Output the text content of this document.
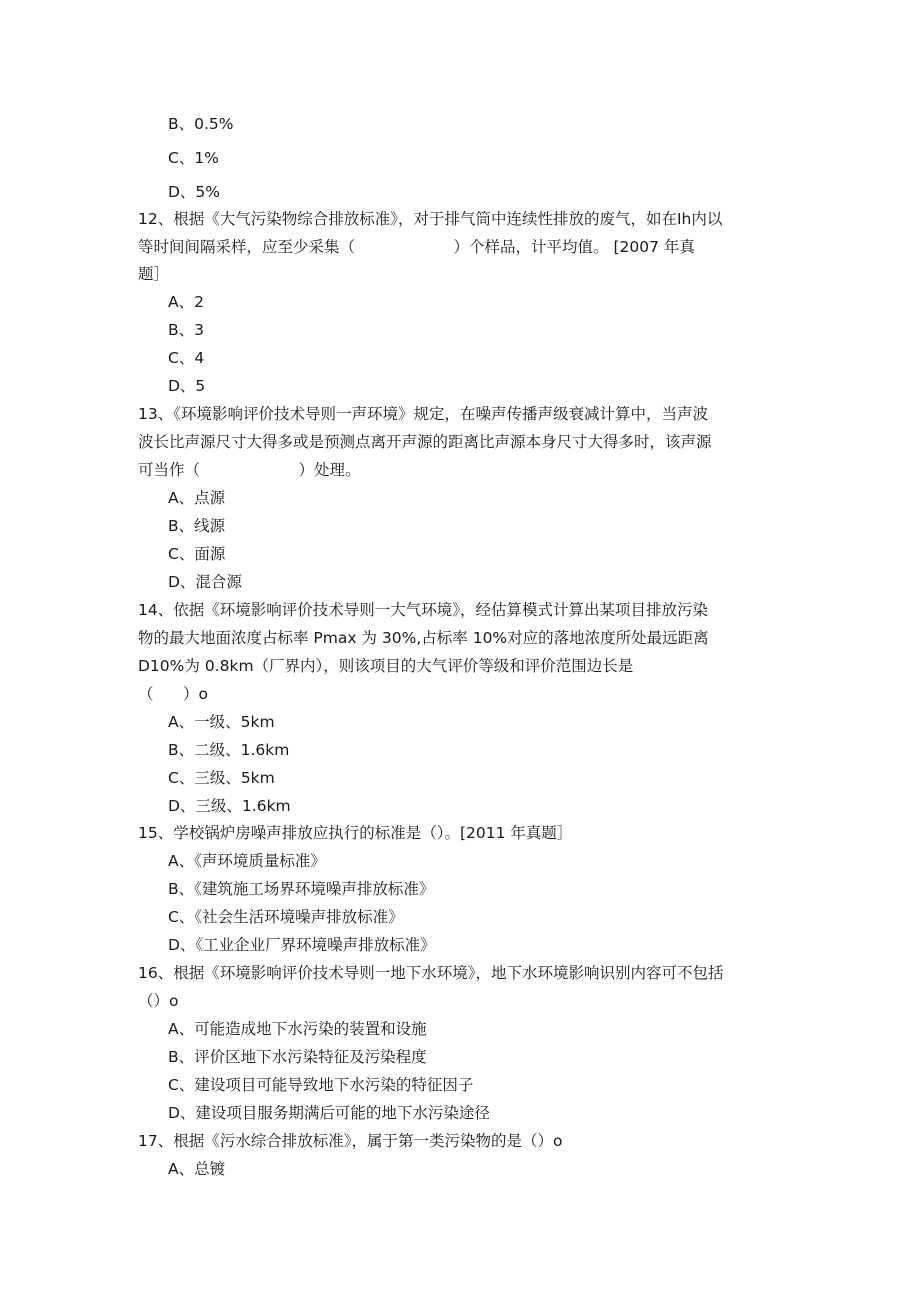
B、0.5%
C、1%
D、5%
12、根据《大气污染物综合排放标准》，对于排气筒中连续性排放的废气，如在Ih内以
等时间间隔采样，应至少采集（                    ）个样品，计平均值。 [2007 年真
题］
A、2
B、3
C、4
D、5
13、《环境影响评价技术导则一声环境》规定，在噪声传播声级衰减计算中，当声波
波长比声源尺寸大得多或是预测点离开声源的距离比声源本身尺寸大得多时，该声源
可当作（                    ）处理。
A、点源
B、线源
C、面源
D、混合源
14、依据《环境影响评价技术导则一大气环境》，经估算模式计算出某项目排放污染
物的最大地面浓度占标率 Pmax 为 30%,占标率 10%对应的落地浓度所处最远距离
D10%为 0.8km（厂界内），则该项目的大气评价等级和评价范围边长是
（      ）o
A、一级、5km
B、二级、1.6km
C、三级、5km
D、三级、1.6km
15、学校锅炉房噪声排放应执行的标准是（）。[2011 年真题］
A、《声环境质量标准》
B、《建筑施工场界环境噪声排放标准》
C、《社会生活环境噪声排放标准》
D、《工业企业厂界环境噪声排放标准》
16、根据《环境影响评价技术导则一地下水环境》，地下水环境影响识别内容可不包括
（）o
A、可能造成地下水污染的装置和设施
B、评价区地下水污染特征及污染程度
C、建设项目可能导致地下水污染的特征因子
D、建设项目服务期满后可能的地下水污染途径
17、根据《污水综合排放标准》，属于第一类污染物的是（）o
A、总镀
